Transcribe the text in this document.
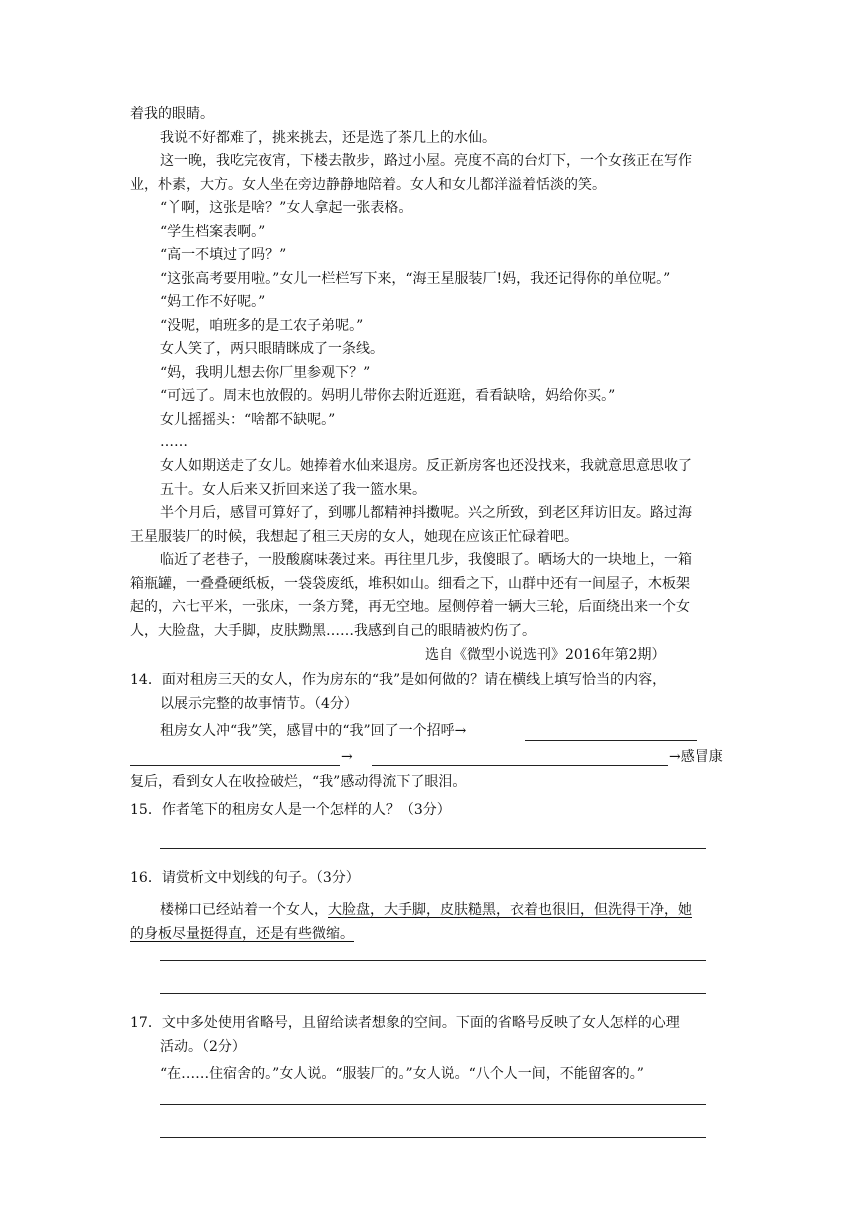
着我的眼睛。
我说不好都难了，挑来挑去，还是选了茶几上的水仙。
这一晚，我吃完夜宵，下楼去散步，路过小屋。亮度不高的台灯下，一个女孩正在写作
业，朴素，大方。女人坐在旁边静静地陪着。女人和女儿都洋溢着恬淡的笑。
“丫啊，这张是啥？”女人拿起一张表格。
“学生档案表啊。”
“高一不填过了吗？”
“这张高考要用啦。”女儿一栏栏写下来，“海王星服装厂!妈，我还记得你的单位呢。”
“妈工作不好呢。”
“没呢，咱班多的是工农子弟呢。”
女人笑了，两只眼睛眯成了一条线。
“妈，我明儿想去你厂里参观下？”
“可远了。周末也放假的。妈明儿带你去附近逛逛，看看缺啥，妈给你买。”
女儿摇摇头：“啥都不缺呢。”
……
女人如期送走了女儿。她捧着水仙来退房。反正新房客也还没找来，我就意思意思收了
五十。女人后来又折回来送了我一篮水果。
半个月后，感冒可算好了，到哪儿都精神抖擞呢。兴之所致，到老区拜访旧友。路过海
王星服装厂的时候，我想起了租三天房的女人，她现在应该正忙碌着吧。
临近了老巷子，一股酸腐味袭过来。再往里几步，我傻眼了。晒场大的一块地上，一箱
箱瓶罐，一叠叠硬纸板，一袋袋废纸，堆积如山。细看之下，山群中还有一间屋子，木板架
起的，六七平米，一张床，一条方凳，再无空地。屋侧停着一辆大三轮，后面绕出来一个女
人，大脸盘，大手脚，皮肤黝黑……我感到自己的眼睛被灼伤了。
选自《微型小说选刊》2016年第2期）
14．面对租房三天的女人，作为房东的“我”是如何做的？请在横线上填写恰当的内容，
以展示完整的故事情节。（4分）
租房女人冲“我”笑，感冒中的“我”回了一个招呼→
→	→感冒康
复后，看到女人在收捡破烂，“我”感动得流下了眼泪。
15．作者笔下的租房女人是一个怎样的人？（3分）
16．请赏析文中划线的句子。（3分）
楼梯口已经站着一个女人，大脸盘，大手脚，皮肤糙黑，衣着也很旧，但洗得干净，她
的身板尽量挺得直，还是有些微缩。
17．文中多处使用省略号，且留给读者想象的空间。下面的省略号反映了女人怎样的心理
活动。（2分）
“在……住宿舍的。”女人说。“服装厂的。”女人说。“八个人一间，不能留客的。”
